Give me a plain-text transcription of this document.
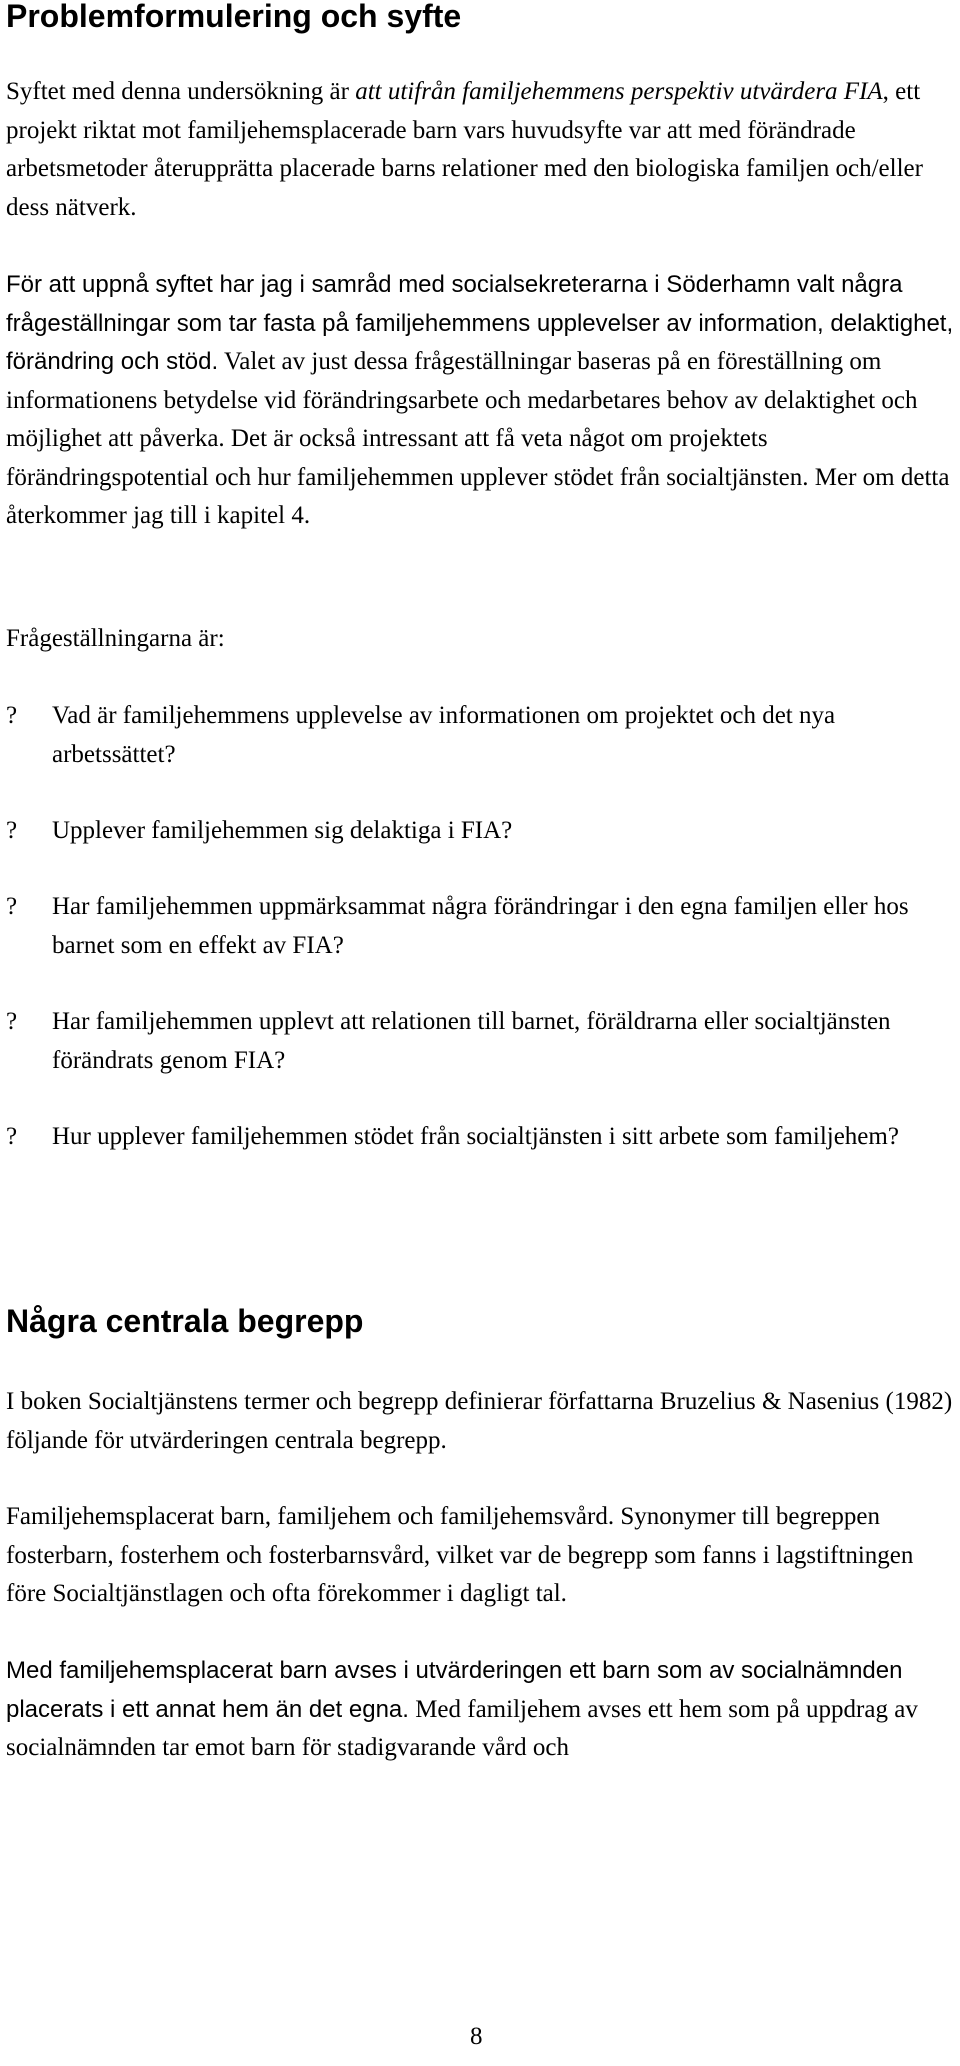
Problemformulering och syfte

Syftet med denna undersökning är att utifrån familjehemmens perspektiv utvärdera FIA, ett projekt riktat mot familjehemsplacerade barn vars huvudsyfte var att med förändrade arbetsmetoder återupprätta placerade barns relationer med den biologiska familjen och/eller dess nätverk.

För att uppnå syftet har jag i samråd med socialsekreterarna i Söderhamn valt några frågeställningar som tar fasta på familjehemmens upplevelser av information, delaktighet, förändring och stöd. Valet av just dessa frågeställningar baseras på en föreställning om informationens betydelse vid förändringsarbete och medarbetares behov av delaktighet och möjlighet att påverka. Det är också intressant att få veta något om projektets förändringspotential och hur familjehemmen upplever stödet från socialtjänsten. Mer om detta återkommer jag till i kapitel 4.

Frågeställningarna är:

? Vad är familjehemmens upplevelse av informationen om projektet och det nya arbetssättet?
? Upplever familjehemmen sig delaktiga i FIA?
? Har familjehemmen uppmärksammat några förändringar i den egna familjen eller hos barnet som en effekt av FIA?
? Har familjehemmen upplevt att relationen till barnet, föräldrarna eller socialtjänsten förändrats genom FIA?
? Hur upplever familjehemmen stödet från socialtjänsten i sitt arbete som familjehem?
Några centrala begrepp

I boken Socialtjänstens termer och begrepp definierar författarna Bruzelius & Nasenius (1982) följande för utvärderingen centrala begrepp.

Familjehemsplacerat barn, familjehem och familjehemsvård. Synonymer till begreppen fosterbarn, fosterhem och fosterbarnsvård, vilket var de begrepp som fanns i lagstiftningen före Socialtjänstlagen och ofta förekommer i dagligt tal.

Med familjehemsplacerat barn avses i utvärderingen ett barn som av socialnämnden placerats i ett annat hem än det egna. Med familjehem avses ett hem som på uppdrag av socialnämnden tar emot barn för stadigvarande vård och

8
